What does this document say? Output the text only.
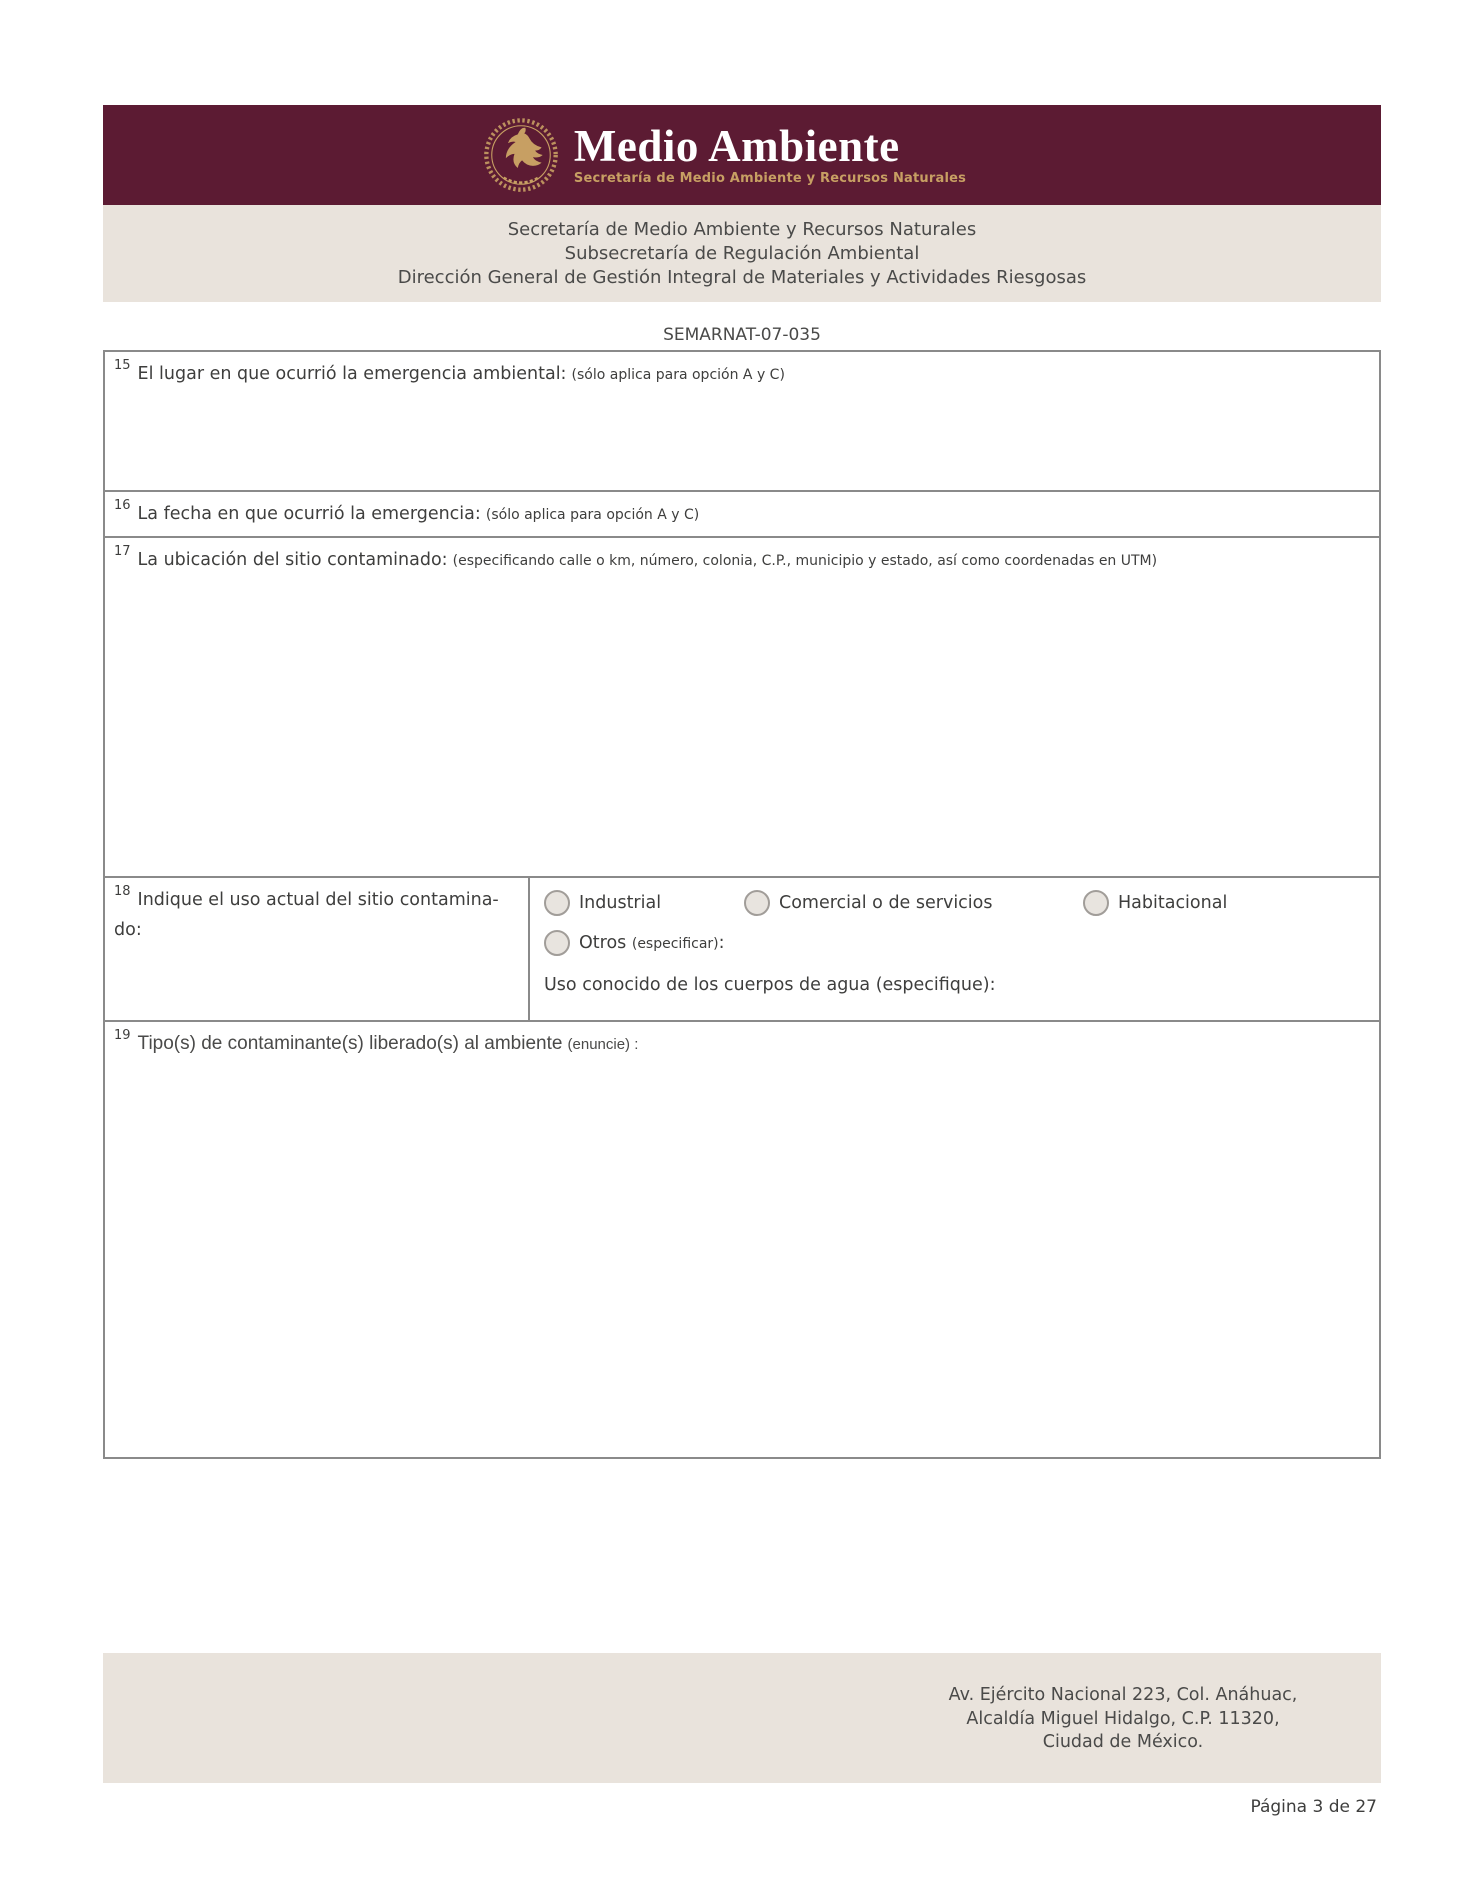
Medio Ambiente
Secretaría de Medio Ambiente y Recursos Naturales
Secretaría de Medio Ambiente y Recursos Naturales
Subsecretaría de Regulación Ambiental
Dirección General de Gestión Integral de Materiales y Actividades Riesgosas
SEMARNAT-07-035
$^{15}$ El lugar en que ocurrió la emergencia ambiental: (sólo aplica para opción A y C)
$^{16}$ La fecha en que ocurrió la emergencia: (sólo aplica para opción A y C)
$^{17}$ La ubicación del sitio contaminado: (especificando calle o km, número, colonia, C.P., municipio y estado, así como coordenadas en UTM)
$^{18}$ Indique el uso actual del sitio contamina-
do:
Industrial	Comercial o de servicios	Habitacional
Otros (especificar):
Uso conocido de los cuerpos de agua (especifique):
$^{19}$ Tipo(s) de contaminante(s) liberado(s) al ambiente (enuncie) :
Av. Ejército Nacional 223, Col. Anáhuac,
Alcaldía Miguel Hidalgo, C.P. 11320,
Ciudad de México.
Página 3 de 27
